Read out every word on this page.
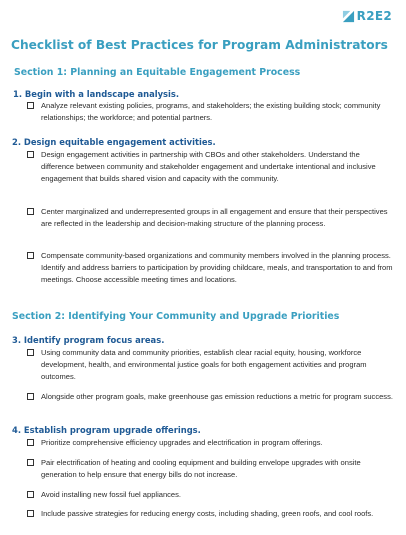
R2E2
Checklist of Best Practices for Program Administrators
Section 1: Planning an Equitable Engagement Process
1. Begin with a landscape analysis.
Analyze relevant existing policies, programs, and stakeholders; the existing building stock; community relationships; the workforce; and potential partners.
2. Design equitable engagement activities.
Design engagement activities in partnership with CBOs and other stakeholders. Understand the difference between community and stakeholder engagement and undertake intentional and inclusive engagement that builds shared vision and capacity with the community.
Center marginalized and underrepresented groups in all engagement and ensure that their perspectives are reflected in the leadership and decision-making structure of the planning process.
Compensate community-based organizations and community members involved in the planning process. Identify and address barriers to participation by providing childcare, meals, and transportation to and from meetings. Choose accessible meeting times and locations.
Section 2: Identifying Your Community and Upgrade Priorities
3. Identify program focus areas.
Using community data and community priorities, establish clear racial equity, housing, workforce development, health, and environmental justice goals for both engagement activities and program outcomes.
Alongside other program goals, make greenhouse gas emission reductions a metric for program success.
4. Establish program upgrade offerings.
Prioritize comprehensive efficiency upgrades and electrification in program offerings.
Pair electrification of heating and cooling equipment and building envelope upgrades with onsite generation to help ensure that energy bills do not increase.
Avoid installing new fossil fuel appliances.
Include passive strategies for reducing energy costs, including shading, green roofs, and cool roofs.
